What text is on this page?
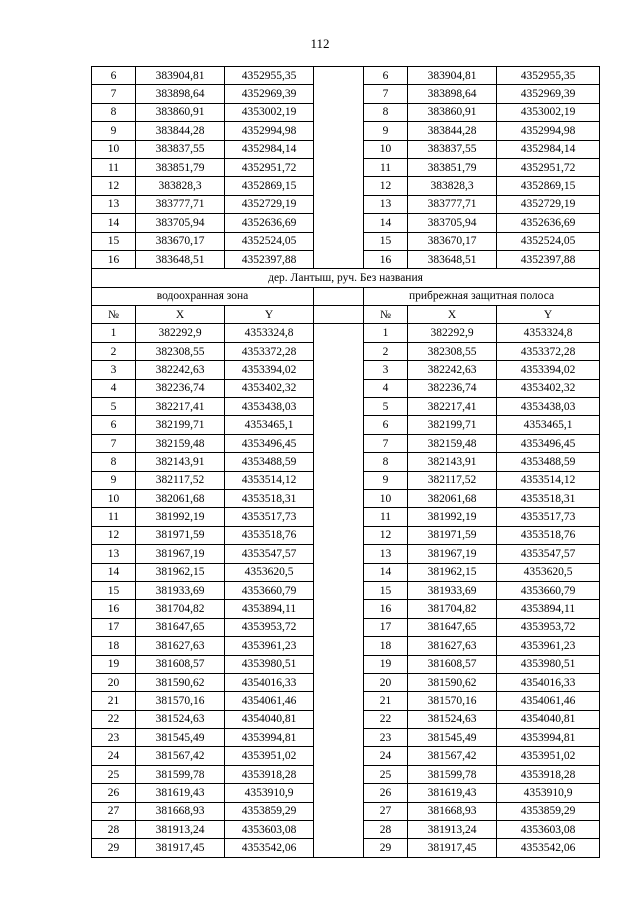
112
6	383904,81	4352955,35		6	383904,81	4352955,35
7	383898,64	4352969,39		7	383898,64	4352969,39
8	383860,91	4353002,19		8	383860,91	4353002,19
9	383844,28	4352994,98		9	383844,28	4352994,98
10	383837,55	4352984,14		10	383837,55	4352984,14
11	383851,79	4352951,72		11	383851,79	4352951,72
12	383828,3	4352869,15		12	383828,3	4352869,15
13	383777,71	4352729,19		13	383777,71	4352729,19
14	383705,94	4352636,69		14	383705,94	4352636,69
15	383670,17	4352524,05		15	383670,17	4352524,05
16	383648,51	4352397,88		16	383648,51	4352397,88
дер. Лантыш, руч. Без названия						
водоохранная зона				прибрежная защитная полоса		
№	X	Y		№	X	Y
1	382292,9	4353324,8		1	382292,9	4353324,8
2	382308,55	4353372,28		2	382308,55	4353372,28
3	382242,63	4353394,02		3	382242,63	4353394,02
4	382236,74	4353402,32		4	382236,74	4353402,32
5	382217,41	4353438,03		5	382217,41	4353438,03
6	382199,71	4353465,1		6	382199,71	4353465,1
7	382159,48	4353496,45		7	382159,48	4353496,45
8	382143,91	4353488,59		8	382143,91	4353488,59
9	382117,52	4353514,12		9	382117,52	4353514,12
10	382061,68	4353518,31		10	382061,68	4353518,31
11	381992,19	4353517,73		11	381992,19	4353517,73
12	381971,59	4353518,76		12	381971,59	4353518,76
13	381967,19	4353547,57		13	381967,19	4353547,57
14	381962,15	4353620,5		14	381962,15	4353620,5
15	381933,69	4353660,79		15	381933,69	4353660,79
16	381704,82	4353894,11		16	381704,82	4353894,11
17	381647,65	4353953,72		17	381647,65	4353953,72
18	381627,63	4353961,23		18	381627,63	4353961,23
19	381608,57	4353980,51		19	381608,57	4353980,51
20	381590,62	4354016,33		20	381590,62	4354016,33
21	381570,16	4354061,46		21	381570,16	4354061,46
22	381524,63	4354040,81		22	381524,63	4354040,81
23	381545,49	4353994,81		23	381545,49	4353994,81
24	381567,42	4353951,02		24	381567,42	4353951,02
25	381599,78	4353918,28		25	381599,78	4353918,28
26	381619,43	4353910,9		26	381619,43	4353910,9
27	381668,93	4353859,29		27	381668,93	4353859,29
28	381913,24	4353603,08		28	381913,24	4353603,08
29	381917,45	4353542,06		29	381917,45	4353542,06
